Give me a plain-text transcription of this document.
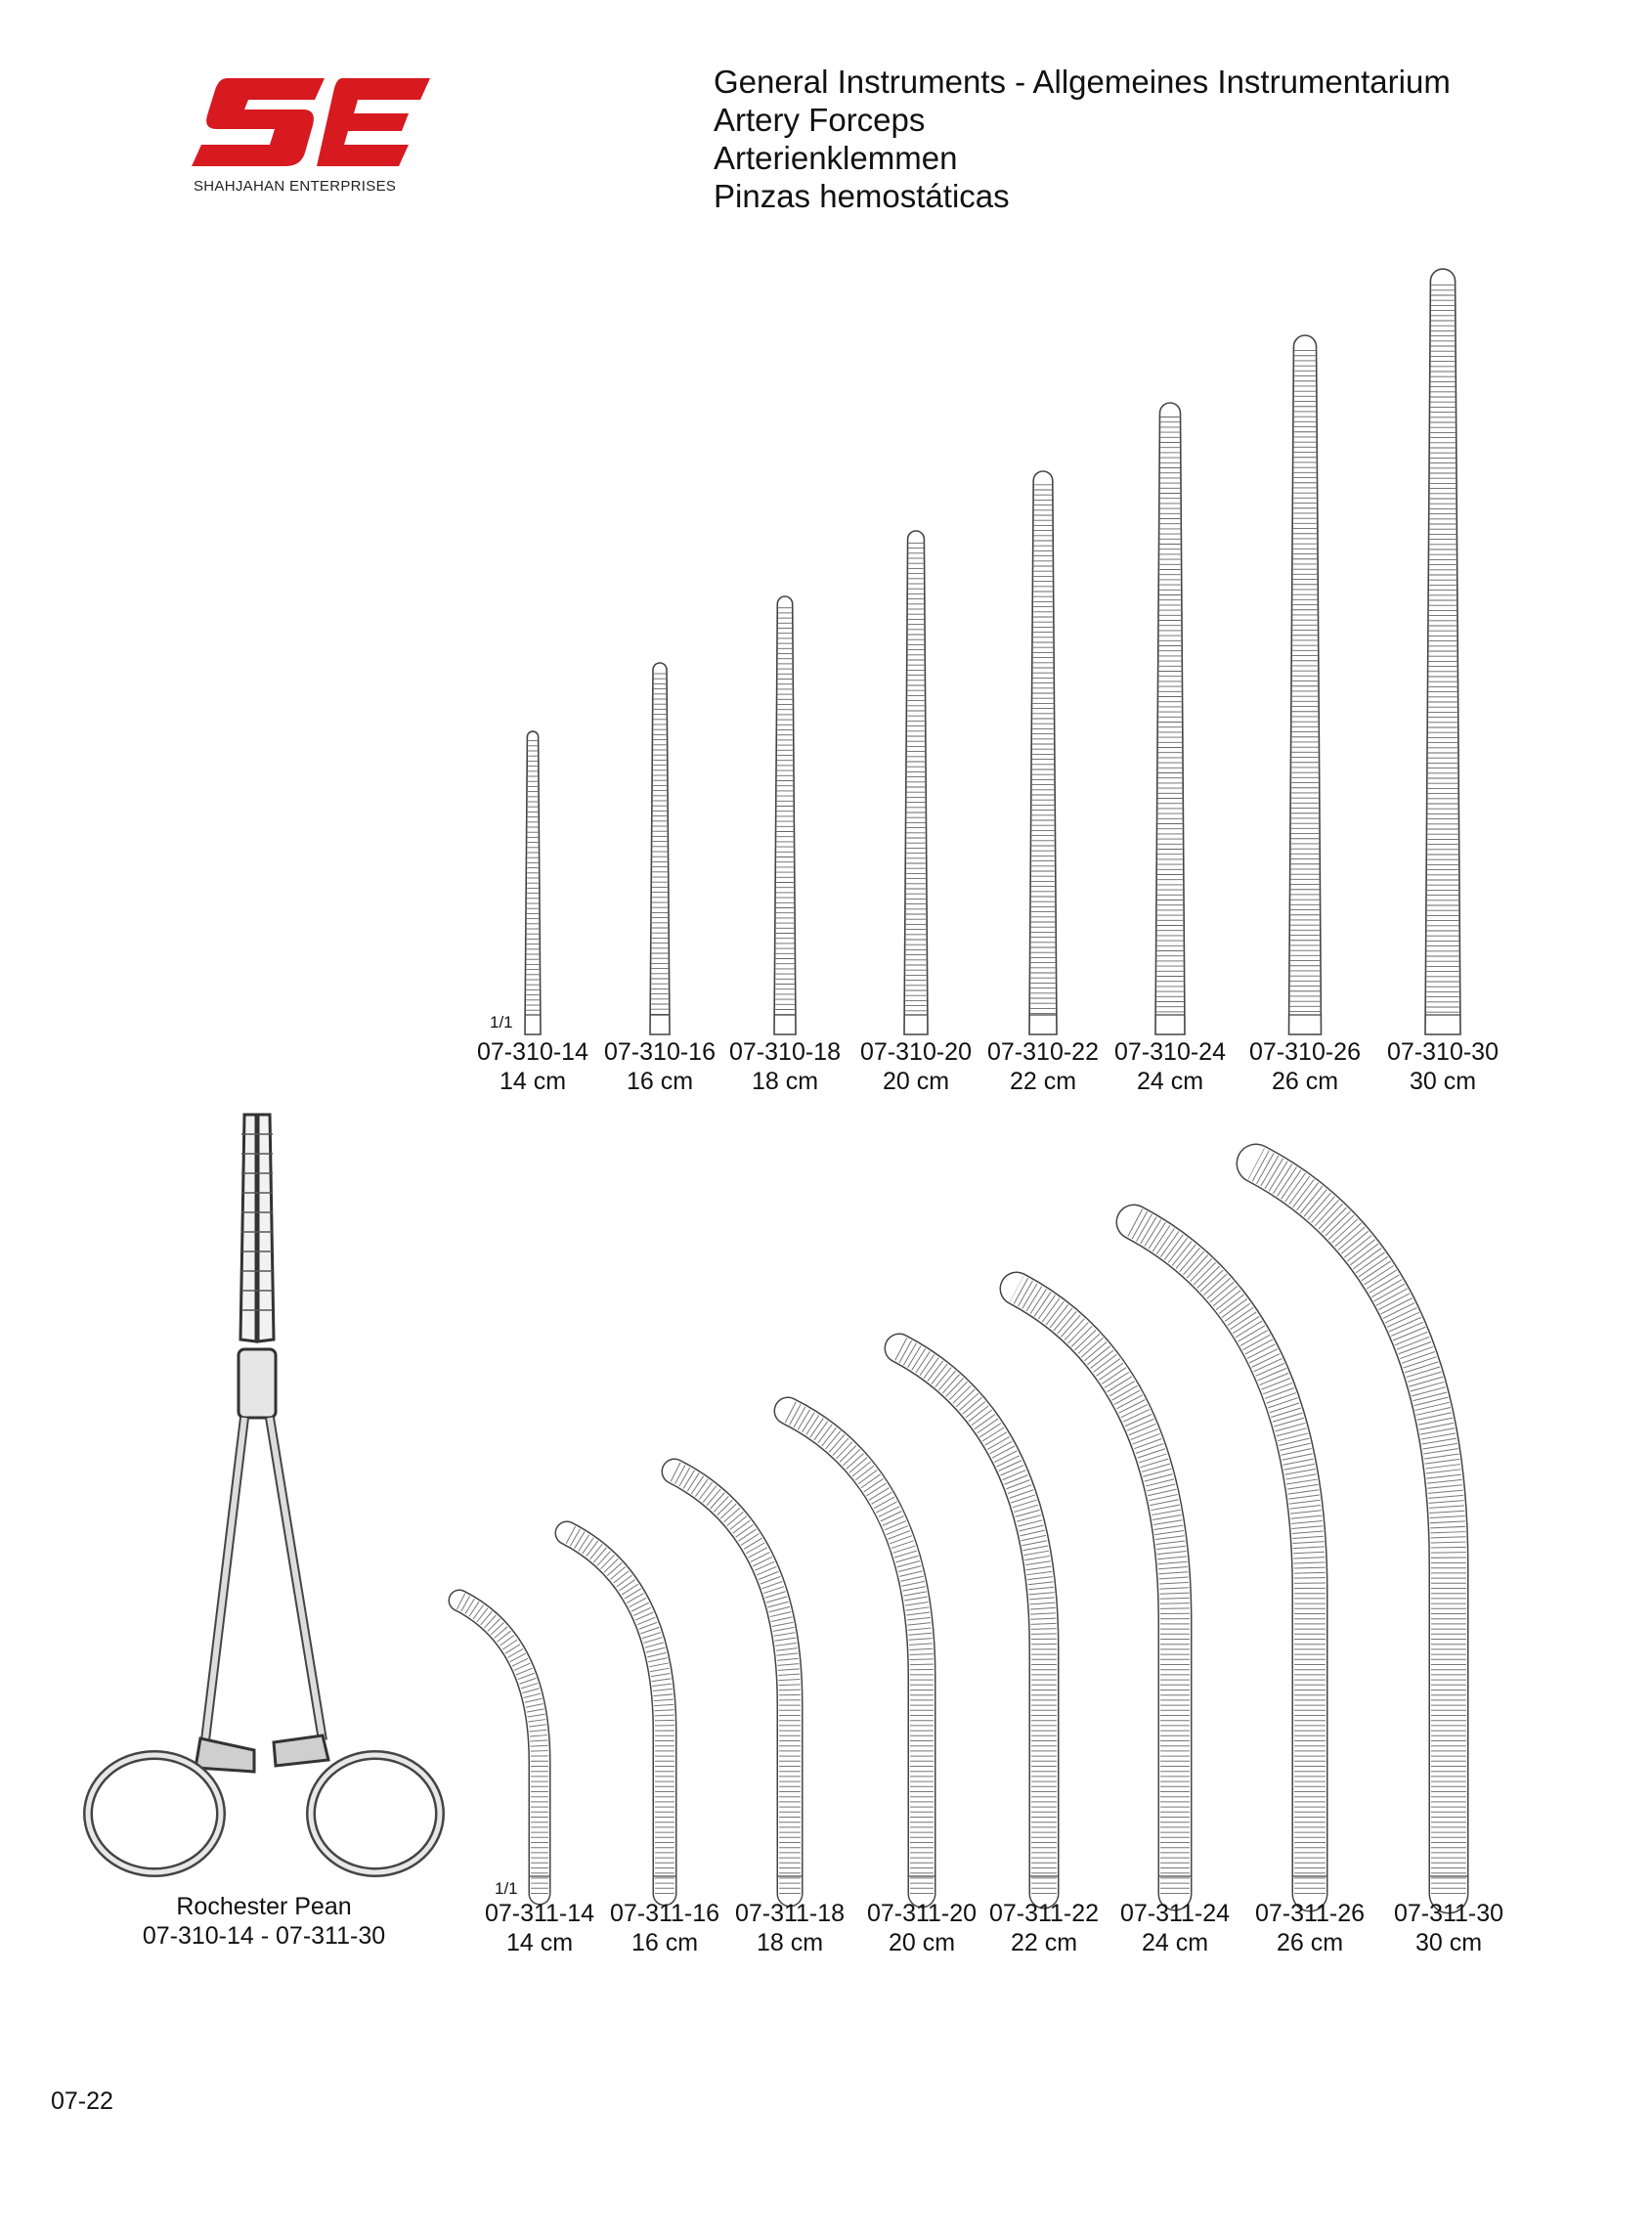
SHAHJAHAN ENTERPRISES
General Instruments - Allgemeines Instrumentarium
Artery Forceps
Arterienklemmen
Pinzas hemostáticas
1/1
1/1
07-310-14
14 cm
07-310-16
16 cm
07-310-18
18 cm
07-310-20
20 cm
07-310-22
22 cm
07-310-24
24 cm
07-310-26
26 cm
07-310-30
30 cm
07-311-14
14 cm
07-311-16
16 cm
07-311-18
18 cm
07-311-20
20 cm
07-311-22
22 cm
07-311-24
24 cm
07-311-26
26 cm
07-311-30
30 cm
Rochester Pean
07-310-14 - 07-311-30
07-22
